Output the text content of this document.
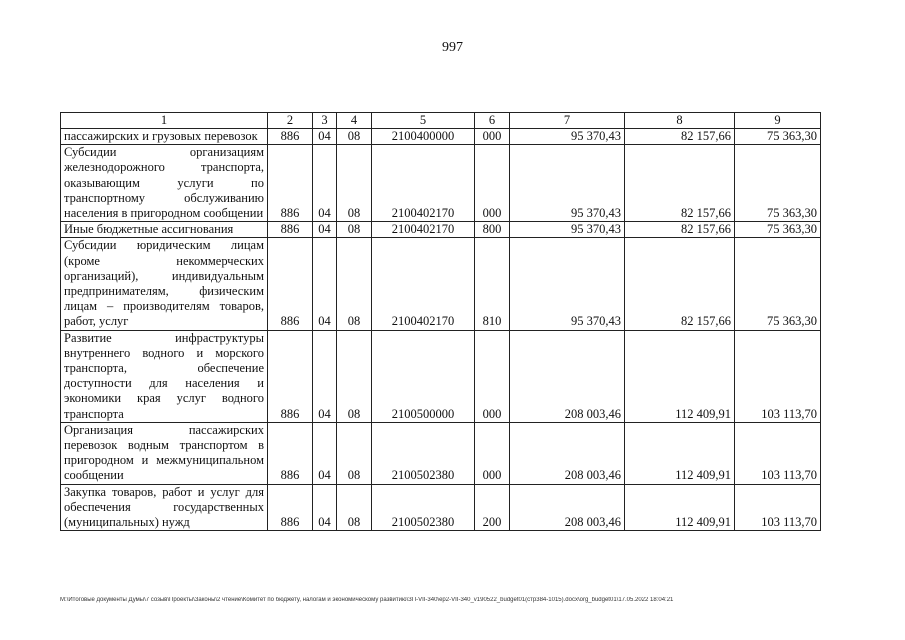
997
1	2	3	4	5	6	7	8	9
пассажирских и грузовых перевозок	886	04	08	2100400000	000	95 370,43	82 157,66	75 363,30
Субсидии организациям железнодорожного транспорта, оказывающим услуги по транспортному обслуживанию населения в пригородном сообщении	886	04	08	2100402170	000	95 370,43	82 157,66	75 363,30
Иные бюджетные ассигнования	886	04	08	2100402170	800	95 370,43	82 157,66	75 363,30
Субсидии юридическим лицам (кроме некоммерческих организаций), индивидуальным предпринимателям, физическим лицам – производителям товаров, работ, услуг	886	04	08	2100402170	810	95 370,43	82 157,66	75 363,30
Развитие инфраструктуры внутреннего водного и морского транспорта, обеспечение доступности для населения и экономики края услуг водного транспорта	886	04	08	2100500000	000	208 003,46	112 409,91	103 113,70
Организация пассажирских перевозок водным транспортом в пригородном и межмуниципальном сообщении	886	04	08	2100502380	000	208 003,46	112 409,91	103 113,70
Закупка товаров, работ и услуг для обеспечения государственных (муниципальных) нужд	886	04	08	2100502380	200	208 003,46	112 409,91	103 113,70
M:\Итоговые документы Думы\7 созыв\Проекты\Законы\2 чтение\Комитет по бюджету, налогам и экономическому развитию\ЗП-VII-340\ер2-VII-340_v190522_budget01(стр384-1015).docx\org_budget01\17.05.2022 18:04:21
